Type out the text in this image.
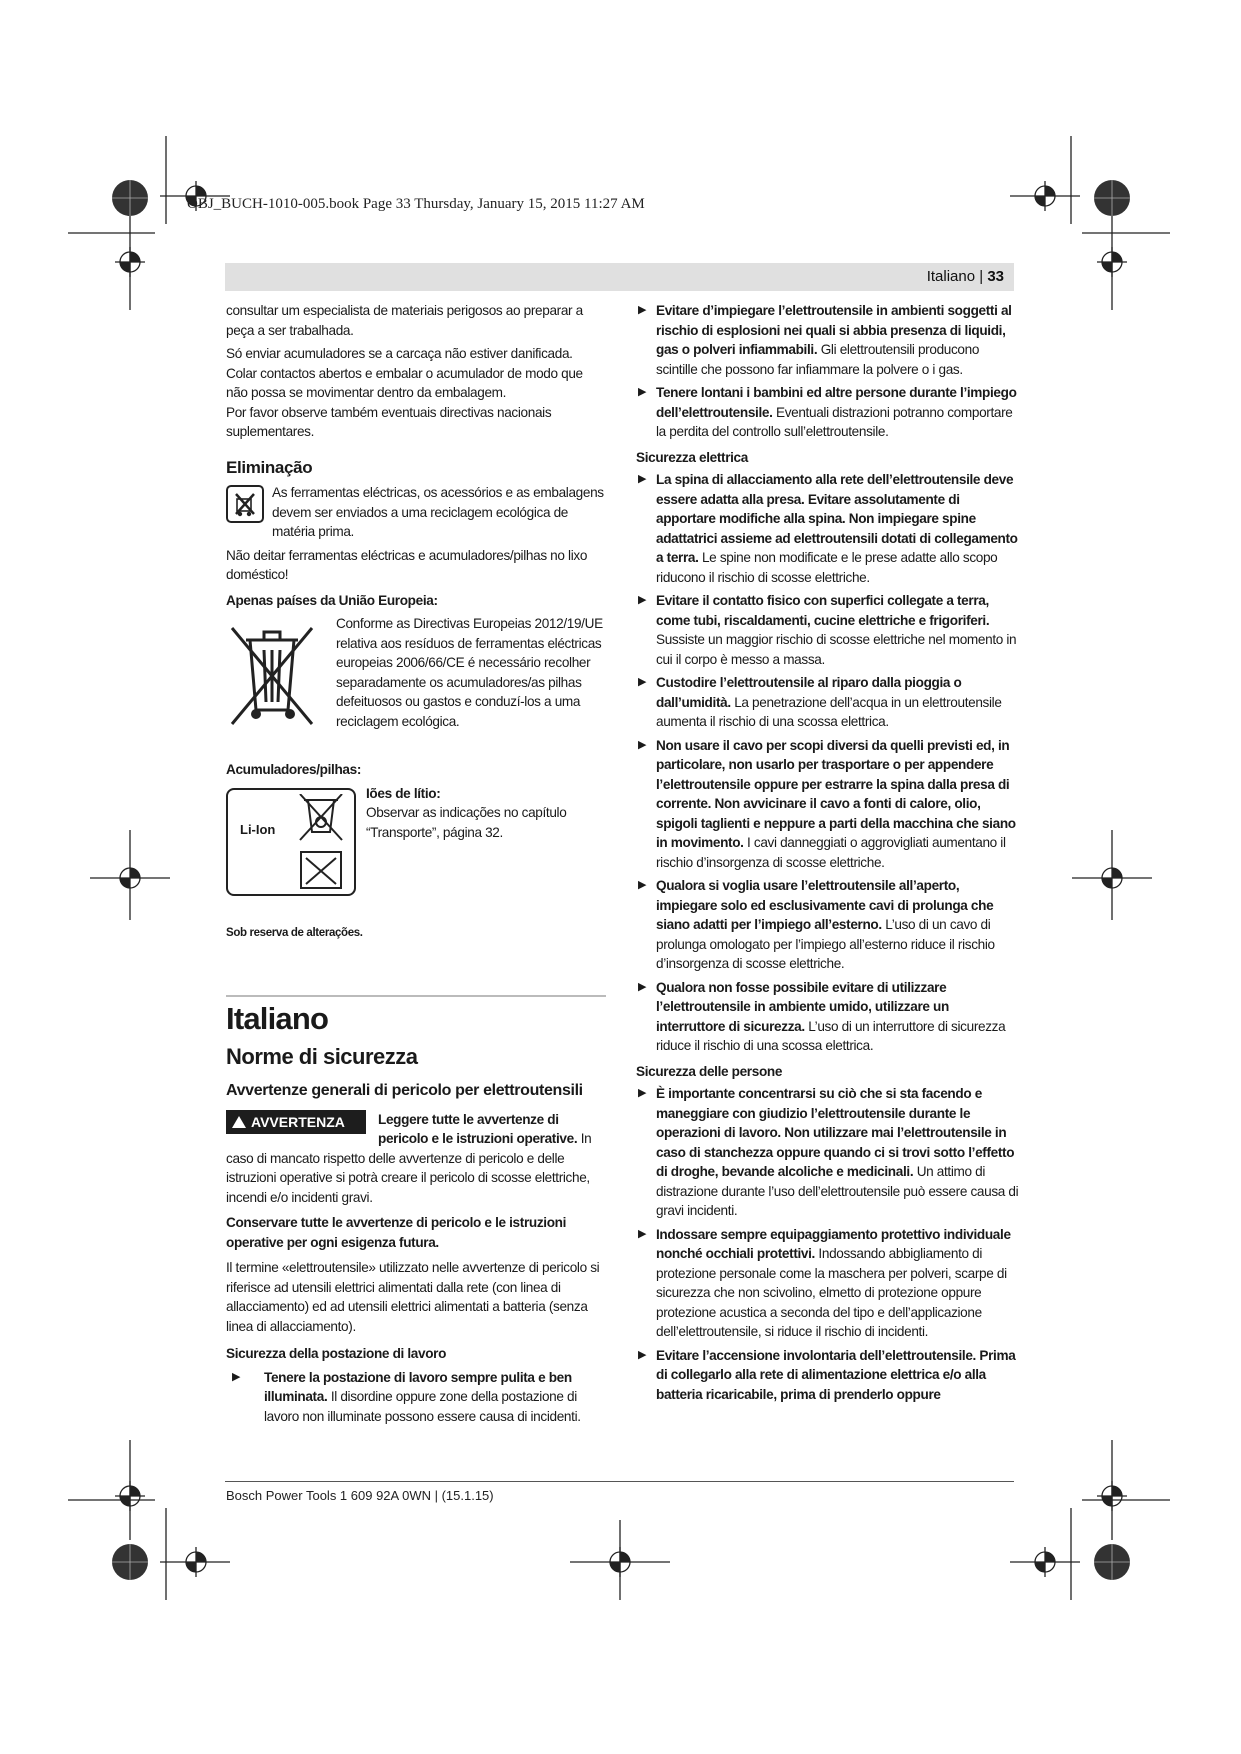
OBJ_BUCH-1010-005.book Page 33 Thursday, January 15, 2015 11:27 AM
Italiano | 33

consultar um especialista de materiais perigosos ao preparar a peça a ser trabalhada.

Só enviar acumuladores se a carcaça não estiver danificada. Colar contactos abertos e embalar o acumulador de modo que não possa se movimentar dentro da embalagem.

Por favor observe também eventuais directivas nacionais suplementares.

Eliminação
As ferramentas eléctricas, os acessórios e as embalagens devem ser enviados a uma reciclagem ecológica de matéria prima.

Não deitar ferramentas eléctricas e acumuladores/pilhas no lixo doméstico!

Apenas países da União Europeia:
Conforme as Directivas Europeias 2012/19/UE relativa aos resíduos de ferramentas eléctricas europeias 2006/66/CE é necessário recolher separadamente os acumuladores/as pilhas defeituosos ou gastos e conduzí-los a uma reciclagem ecológica.
Acumuladores/pilhas:
Li-Ion
Iões de lítio:
Observar as indicações no capítulo “Transporte”, página 32.
Sob reserva de alterações.
Italiano
Norme di sicurezza
Avvertenze generali di pericolo per elettroutensili
AVVERTENZA	Leggere tutte le avvertenze di pericolo e le istruzioni operative. In caso di mancato rispetto delle avvertenze di pericolo e delle istruzioni operative si potrà creare il pericolo di scosse elettriche, incendi e/o incidenti gravi.

Conservare tutte le avvertenze di pericolo e le istruzioni operative per ogni esigenza futura.

Il termine «elettroutensile» utilizzato nelle avvertenze di pericolo si riferisce ad utensili elettrici alimentati dalla rete (con linea di allacciamento) ed ad utensili elettrici alimentati a batteria (senza linea di allacciamento).

Sicurezza della postazione di lavoro
▶ Tenere la postazione di lavoro sempre pulita e ben illuminata. Il disordine oppure zone della postazione di lavoro non illuminate possono essere causa di incidenti.
▶ Evitare d’impiegare l’elettroutensile in ambienti soggetti al rischio di esplosioni nei quali si abbia presenza di liquidi, gas o polveri infiammabili. Gli elettroutensili producono scintille che possono far infiammare la polvere o i gas.
▶ Tenere lontani i bambini ed altre persone durante l’impiego dell’elettroutensile. Eventuali distrazioni potranno comportare la perdita del controllo sull’elettroutensile.
Sicurezza elettrica
▶ La spina di allacciamento alla rete dell’elettroutensile deve essere adatta alla presa. Evitare assolutamente di apportare modifiche alla spina. Non impiegare spine adattatrici assieme ad elettroutensili dotati di collegamento a terra. Le spine non modificate e le prese adatte allo scopo riducono il rischio di scosse elettriche.
▶ Evitare il contatto fisico con superfici collegate a terra, come tubi, riscaldamenti, cucine elettriche e frigoriferi. Sussiste un maggior rischio di scosse elettriche nel momento in cui il corpo è messo a massa.
▶ Custodire l’elettroutensile al riparo dalla pioggia o dall’umidità. La penetrazione dell’acqua in un elettroutensile aumenta il rischio di una scossa elettrica.
▶ Non usare il cavo per scopi diversi da quelli previsti ed, in particolare, non usarlo per trasportare o per appendere l’elettroutensile oppure per estrarre la spina dalla presa di corrente. Non avvicinare il cavo a fonti di calore, olio, spigoli taglienti e neppure a parti della macchina che siano in movimento. I cavi danneggiati o aggrovigliati aumentano il rischio d’insorgenza di scosse elettriche.
▶ Qualora si voglia usare l’elettroutensile all’aperto, impiegare solo ed esclusivamente cavi di prolunga che siano adatti per l’impiego all’esterno. L’uso di un cavo di prolunga omologato per l’impiego all’esterno riduce il rischio d’insorgenza di scosse elettriche.
▶ Qualora non fosse possibile evitare di utilizzare l’elettroutensile in ambiente umido, utilizzare un interruttore di sicurezza. L’uso di un interruttore di sicurezza riduce il rischio di una scossa elettrica.
Sicurezza delle persone
▶ È importante concentrarsi su ciò che si sta facendo e maneggiare con giudizio l’elettroutensile durante le operazioni di lavoro. Non utilizzare mai l’elettroutensile in caso di stanchezza oppure quando ci si trovi sotto l’effetto di droghe, bevande alcoliche e medicinali. Un attimo di distrazione durante l’uso dell’elettroutensile può essere causa di gravi incidenti.
▶ Indossare sempre equipaggiamento protettivo individuale nonché occhiali protettivi. Indossando abbigliamento di protezione personale come la maschera per polveri, scarpe di sicurezza che non scivolino, elmetto di protezione oppure protezione acustica a seconda del tipo e dell’applicazione dell’elettroutensile, si riduce il rischio di incidenti.
▶ Evitare l’accensione involontaria dell’elettroutensile. Prima di collegarlo alla rete di alimentazione elettrica e/o alla batteria ricaricabile, prima di prenderlo oppure
Bosch Power Tools 1 609 92A 0WN | (15.1.15)
